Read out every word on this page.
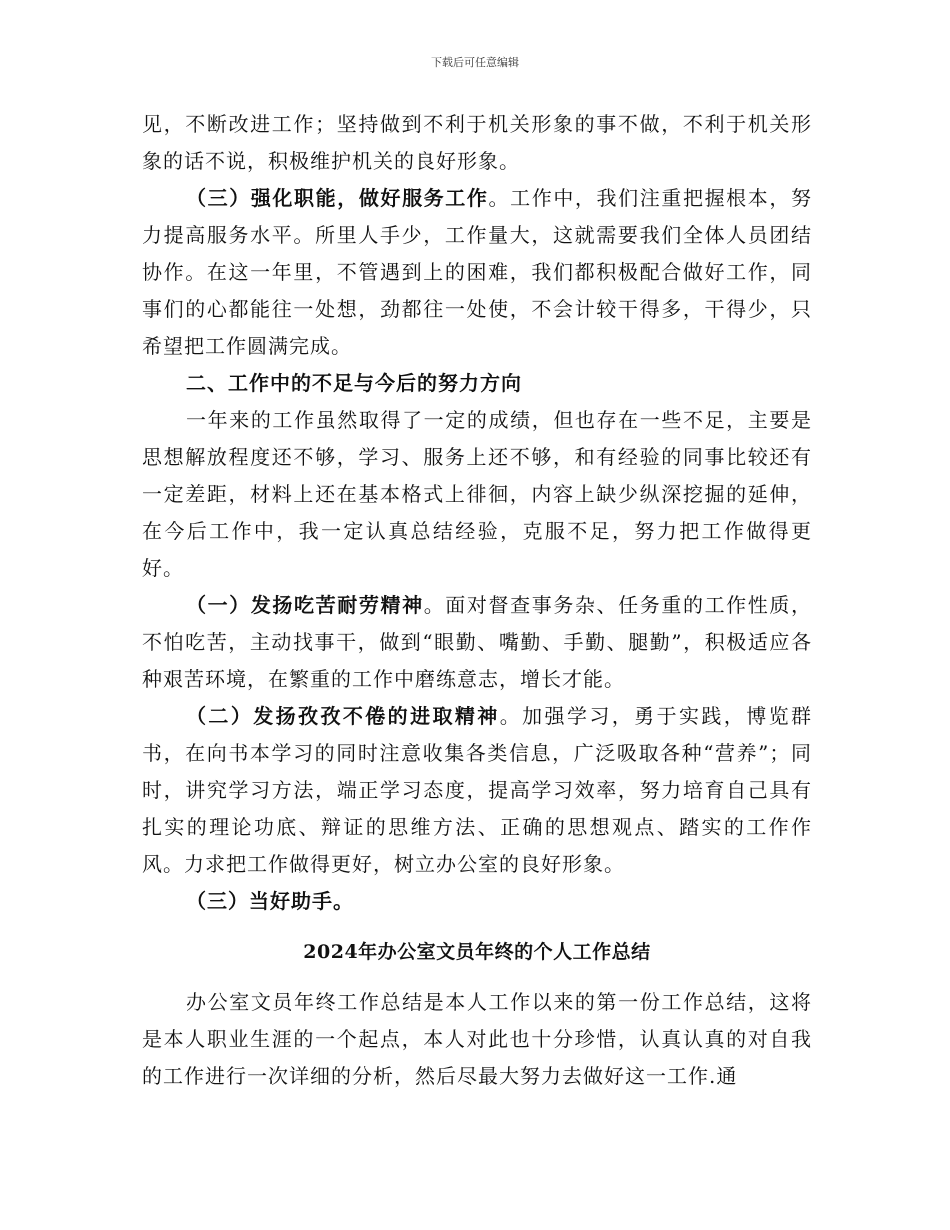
下载后可任意编辑

见，不断改进工作；坚持做到不利于机关形象的事不做，不利于机关形象的话不说，积极维护机关的良好形象。

（三）强化职能，做好服务工作。工作中，我们注重把握根本，努力提高服务水平。所里人手少，工作量大，这就需要我们全体人员团结协作。在这一年里，不管遇到上的困难，我们都积极配合做好工作，同事们的心都能往一处想，劲都往一处使，不会计较干得多，干得少，只希望把工作圆满完成。

二、工作中的不足与今后的努力方向

一年来的工作虽然取得了一定的成绩，但也存在一些不足，主要是思想解放程度还不够，学习、服务上还不够，和有经验的同事比较还有一定差距，材料上还在基本格式上徘徊，内容上缺少纵深挖掘的延伸，在今后工作中，我一定认真总结经验，克服不足，努力把工作做得更好。

（一）发扬吃苦耐劳精神。面对督查事务杂、任务重的工作性质，不怕吃苦，主动找事干，做到“眼勤、嘴勤、手勤、腿勤”，积极适应各种艰苦环境，在繁重的工作中磨练意志，增长才能。

（二）发扬孜孜不倦的进取精神。加强学习，勇于实践，博览群书，在向书本学习的同时注意收集各类信息，广泛吸取各种“营养”；同时，讲究学习方法，端正学习态度，提高学习效率，努力培育自己具有扎实的理论功底、辩证的思维方法、正确的思想观点、踏实的工作作风。力求把工作做得更好，树立办公室的良好形象。

（三）当好助手。

2024年办公室文员年终的个人工作总结

办公室文员年终工作总结是本人工作以来的第一份工作总结，这将是本人职业生涯的一个起点，本人对此也十分珍惜，认真认真的对自我的工作进行一次详细的分析，然后尽最大努力去做好这一工作.通
